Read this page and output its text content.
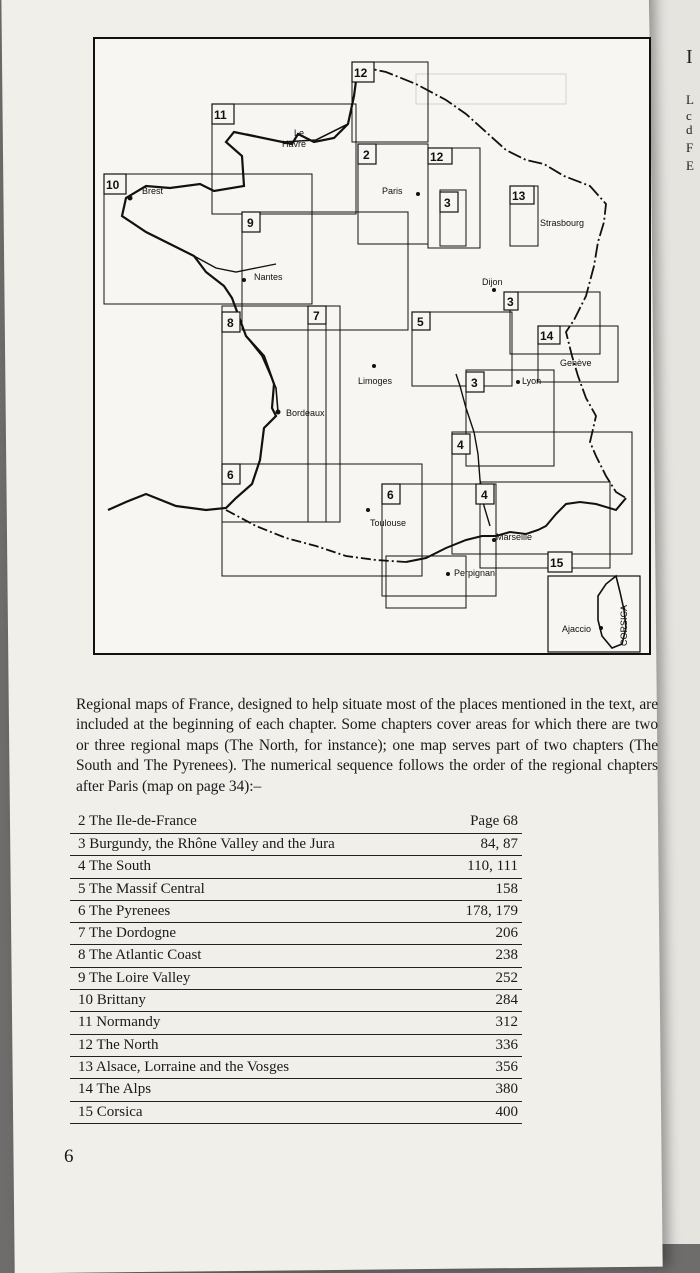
I
L
c
d
F
E
12
11
2	12
10
3	13
9
3
8	7	5
14
3
4
6
6	4
15
Le
Havre
Brest	Paris
Strasbourg
Nantes	Dijon
Limoges
Genève
Lyon
Bordeaux
Toulouse
Marseille
Perpignan
Ajaccio	CORSICA

Regional maps of France, designed to help situate most of the places mentioned in the text, are included at the beginning of each chapter. Some chapters cover areas for which there are two or three regional maps (The North, for instance); one map serves part of two chapters (The South and The Pyrenees). The numerical sequence follows the order of the regional chapters after Paris (map on page 34):–

2 The Ile-de-France	Page 68
3 Burgundy, the Rhône Valley and the Jura	84, 87
4 The South	110, 111
5 The Massif Central	158
6 The Pyrenees	178, 179
7 The Dordogne	206
8 The Atlantic Coast	238
9 The Loire Valley	252
10 Brittany	284
11 Normandy	312
12 The North	336
13 Alsace, Lorraine and the Vosges	356
14 The Alps	380
15 Corsica	400
6
